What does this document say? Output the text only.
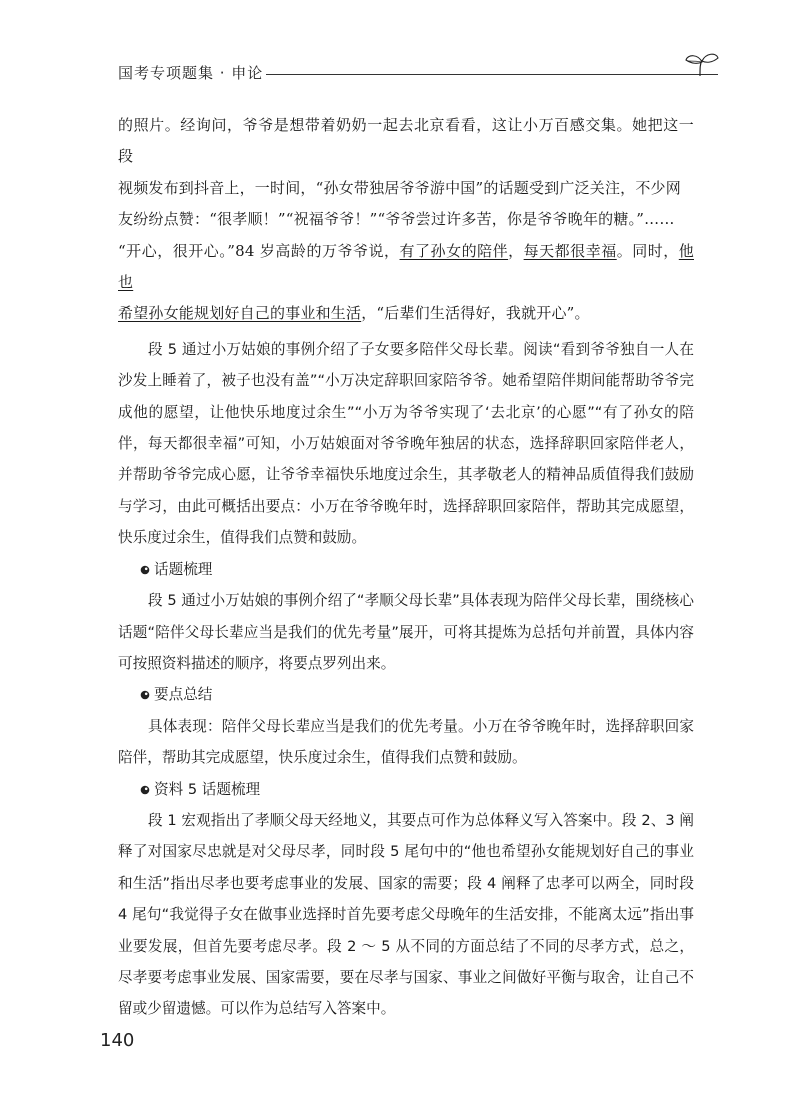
国考专项题集 · 申论

的照片。经询问，爷爷是想带着奶奶一起去北京看看，这让小万百感交集。她把这一段

视频发布到抖音上，一时间，“孙女带独居爷爷游中国”的话题受到广泛关注，不少网

友纷纷点赞：“很孝顺！”“祝福爷爷！”“爷爷尝过许多苦，你是爷爷晚年的糖。”……

“开心，很开心。”84 岁高龄的万爷爷说，有了孙女的陪伴，每天都很幸福。同时，他也

希望孙女能规划好自己的事业和生活，“后辈们生活得好，我就开心”。

段 5 通过小万姑娘的事例介绍了子女要多陪伴父母长辈。阅读“看到爷爷独自一人在沙发上睡着了，被子也没有盖”“小万决定辞职回家陪爷爷。她希望陪伴期间能帮助爷爷完成他的愿望，让他快乐地度过余生”“小万为爷爷实现了‘去北京’的心愿”“有了孙女的陪伴，每天都很幸福”可知，小万姑娘面对爷爷晚年独居的状态，选择辞职回家陪伴老人，并帮助爷爷完成心愿，让爷爷幸福快乐地度过余生，其孝敬老人的精神品质值得我们鼓励与学习，由此可概括出要点：小万在爷爷晚年时，选择辞职回家陪伴，帮助其完成愿望，快乐度过余生，值得我们点赞和鼓励。

话题梳理

段 5 通过小万姑娘的事例介绍了“孝顺父母长辈”具体表现为陪伴父母长辈，围绕核心话题“陪伴父母长辈应当是我们的优先考量”展开，可将其提炼为总括句并前置，具体内容可按照资料描述的顺序，将要点罗列出来。

要点总结

具体表现：陪伴父母长辈应当是我们的优先考量。小万在爷爷晚年时，选择辞职回家陪伴，帮助其完成愿望，快乐度过余生，值得我们点赞和鼓励。

资料 5 话题梳理

段 1 宏观指出了孝顺父母天经地义，其要点可作为总体释义写入答案中。段 2、3 阐释了对国家尽忠就是对父母尽孝，同时段 5 尾句中的“他也希望孙女能规划好自己的事业和生活”指出尽孝也要考虑事业的发展、国家的需要；段 4 阐释了忠孝可以两全，同时段 4 尾句“我觉得子女在做事业选择时首先要考虑父母晚年的生活安排，不能离太远”指出事业要发展，但首先要考虑尽孝。段 2 ～ 5 从不同的方面总结了不同的尽孝方式，总之，尽孝要考虑事业发展、国家需要，要在尽孝与国家、事业之间做好平衡与取舍，让自己不留或少留遗憾。可以作为总结写入答案中。

140
